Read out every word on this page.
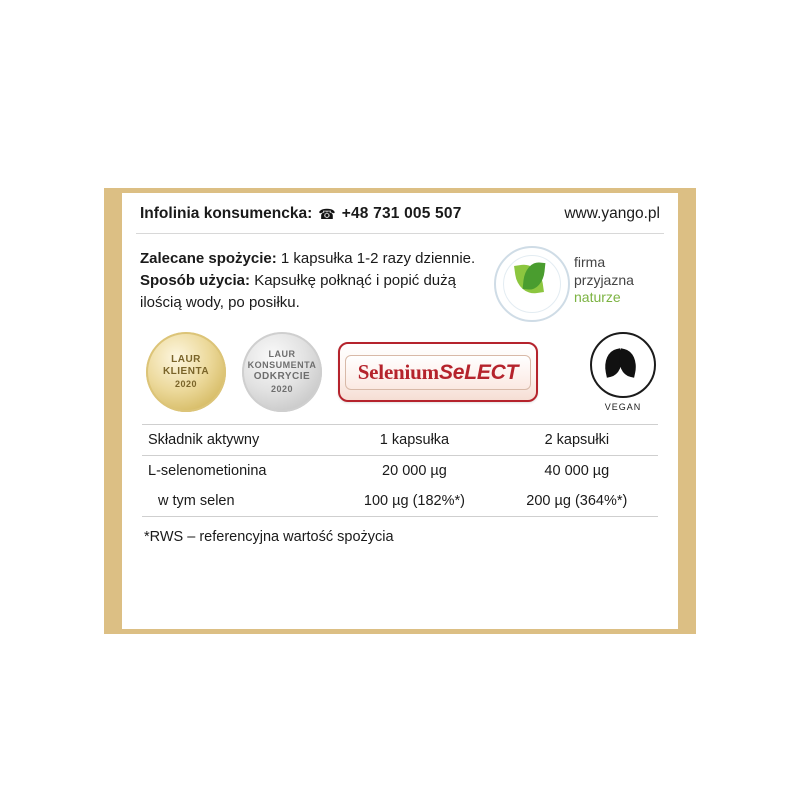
Infolinia konsumencka: ☎ +48 731 005 507	www.yango.pl
Zalecane spożycie: 1 kapsułka 1-2 razy dziennie. Sposób użycia: Kapsułkę połknąć i popić dużą ilością wody, po posiłku.
firma
przyjazna
naturze
LAUR
KLIENTA
2020
LAUR KONSUMENTA
ODKRYCIE
2020
SeleniumSeLECT
VEGAN
Składnik aktywny	1 kapsułka	2 kapsułki
L-selenometionina	20 000 µg	40 000 µg
w tym selen	100 µg (182%*)	200 µg (364%*)
*RWS – referencyjna wartość spożycia
